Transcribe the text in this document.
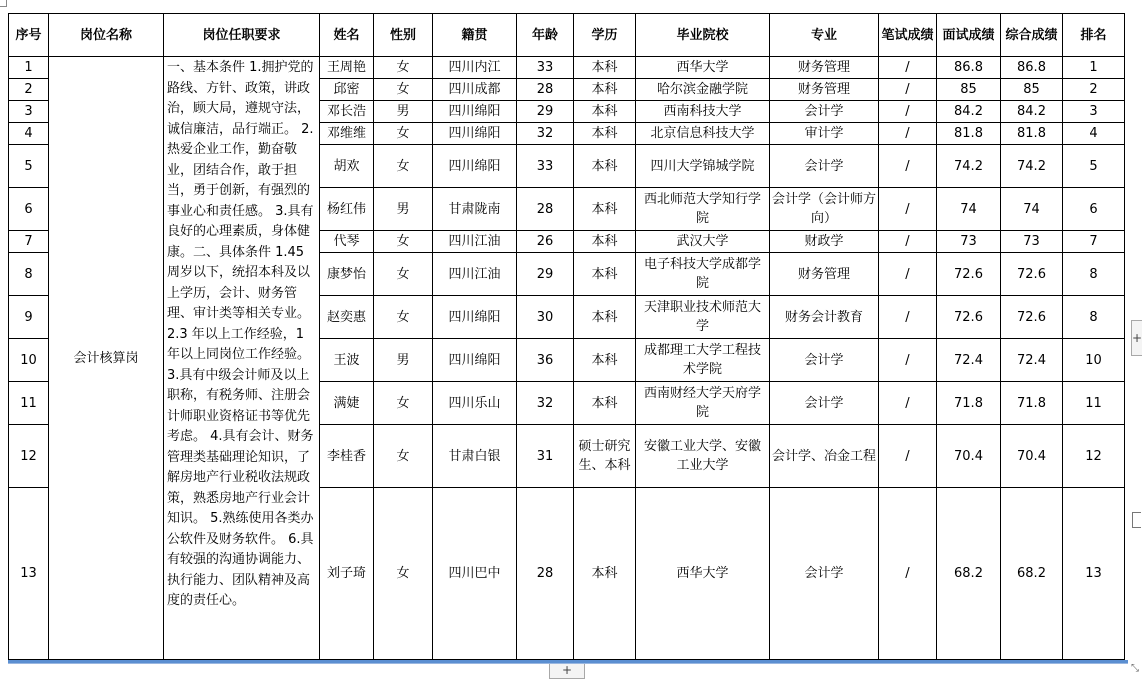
序号	岗位名称	岗位任职要求	姓名	性别	籍贯	年龄	学历	毕业院校	专业	笔试成绩	面试成绩	综合成绩	排名
1	会计核算岗	一、基本条件 1.拥护党的路线、方针、政策，讲政治，顾大局，遵规守法，诚信廉洁，品行端正。 2.热爱企业工作，勤奋敬业，团结合作，敢于担当，勇于创新，有强烈的事业心和责任感。 3.具有良好的心理素质，身体健康。二、具体条件 1.45 周岁以下，统招本科及以上学历，会计、财务管理、审计类等相关专业。2.3 年以上工作经验，1 年以上同岗位工作经验。 3.具有中级会计师及以上职称，有税务师、注册会计师职业资格证书等优先考虑。 4.具有会计、财务管理类基础理论知识，了解房地产行业税收法规政策，熟悉房地产行业会计知识。 5.熟练使用各类办公软件及财务软件。 6.具有较强的沟通协调能力、执行能力、团队精神及高度的责任心。	王周艳	女	四川内江	33	本科	西华大学	财务管理	/	86.8	86.8	1
2			邱密	女	四川成都	28	本科	哈尔滨金融学院	财务管理	/	85	85	2
3			邓长浩	男	四川绵阳	29	本科	西南科技大学	会计学	/	84.2	84.2	3
4			邓维维	女	四川绵阳	32	本科	北京信息科技大学	审计学	/	81.8	81.8	4
5			胡欢	女	四川绵阳	33	本科	四川大学锦城学院	会计学	/	74.2	74.2	5
6			杨红伟	男	甘肃陇南	28	本科	西北师范大学知行学院	会计学（会计师方向）	/	74	74	6
7			代琴	女	四川江油	26	本科	武汉大学	财政学	/	73	73	7
8			康梦怡	女	四川江油	29	本科	电子科技大学成都学院	财务管理	/	72.6	72.6	8
9			赵奕惠	女	四川绵阳	30	本科	天津职业技术师范大学	财务会计教育	/	72.6	72.6	8
10			王波	男	四川绵阳	36	本科	成都理工大学工程技术学院	会计学	/	72.4	72.4	10
11			满婕	女	四川乐山	32	本科	西南财经大学天府学院	会计学	/	71.8	71.8	11
12			李桂香	女	甘肃白银	31	硕士研究生、本科	安徽工业大学、安徽工业大学	会计学、冶金工程	/	70.4	70.4	12
13			刘子琦	女	四川巴中	28	本科	西华大学	会计学	/	68.2	68.2	13
+
+
⤡
